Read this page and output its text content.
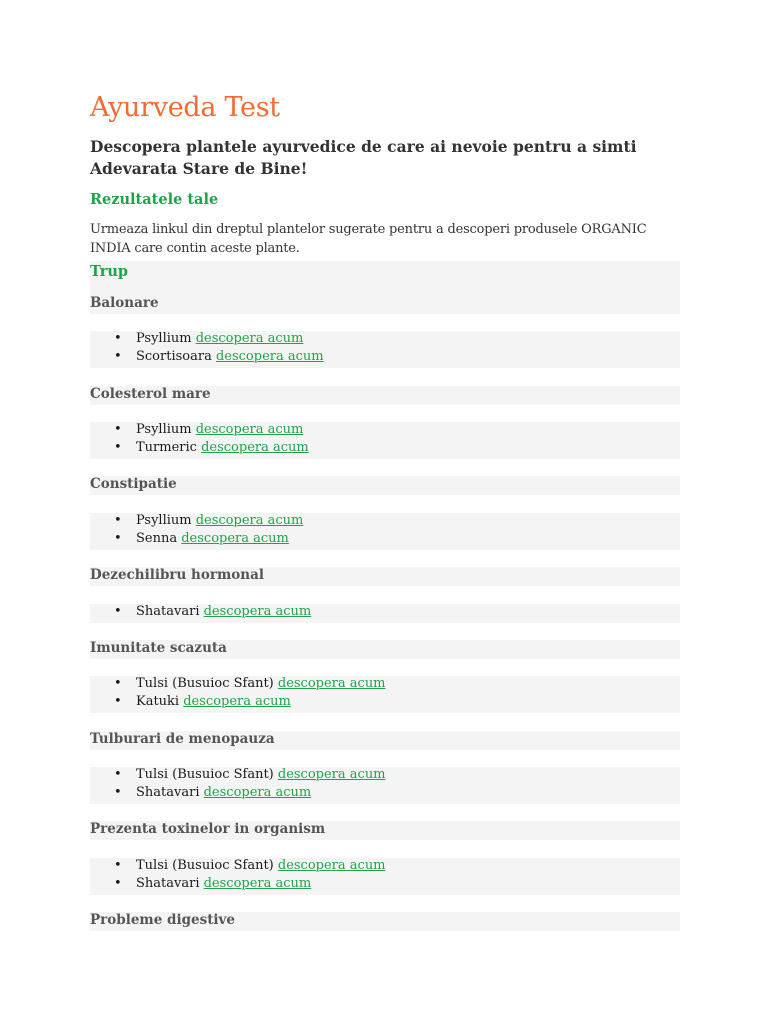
Ayurveda Test

Descopera plantele ayurvedice de care ai nevoie pentru a simti Adevarata Stare de Bine!

Rezultatele tale

Urmeaza linkul din dreptul plantelor sugerate pentru a descoperi produsele ORGANIC INDIA care contin aceste plante.

Trup
Balonare
• Psyllium descopera acum
• Scortisoara descopera acum
Colesterol mare
• Psyllium descopera acum
• Turmeric descopera acum
Constipatie
• Psyllium descopera acum
• Senna descopera acum
Dezechilibru hormonal
• Shatavari descopera acum
Imunitate scazuta
• Tulsi (Busuioc Sfant) descopera acum
• Katuki descopera acum
Tulburari de menopauza
• Tulsi (Busuioc Sfant) descopera acum
• Shatavari descopera acum
Prezenta toxinelor in organism
• Tulsi (Busuioc Sfant) descopera acum
• Shatavari descopera acum
Probleme digestive
